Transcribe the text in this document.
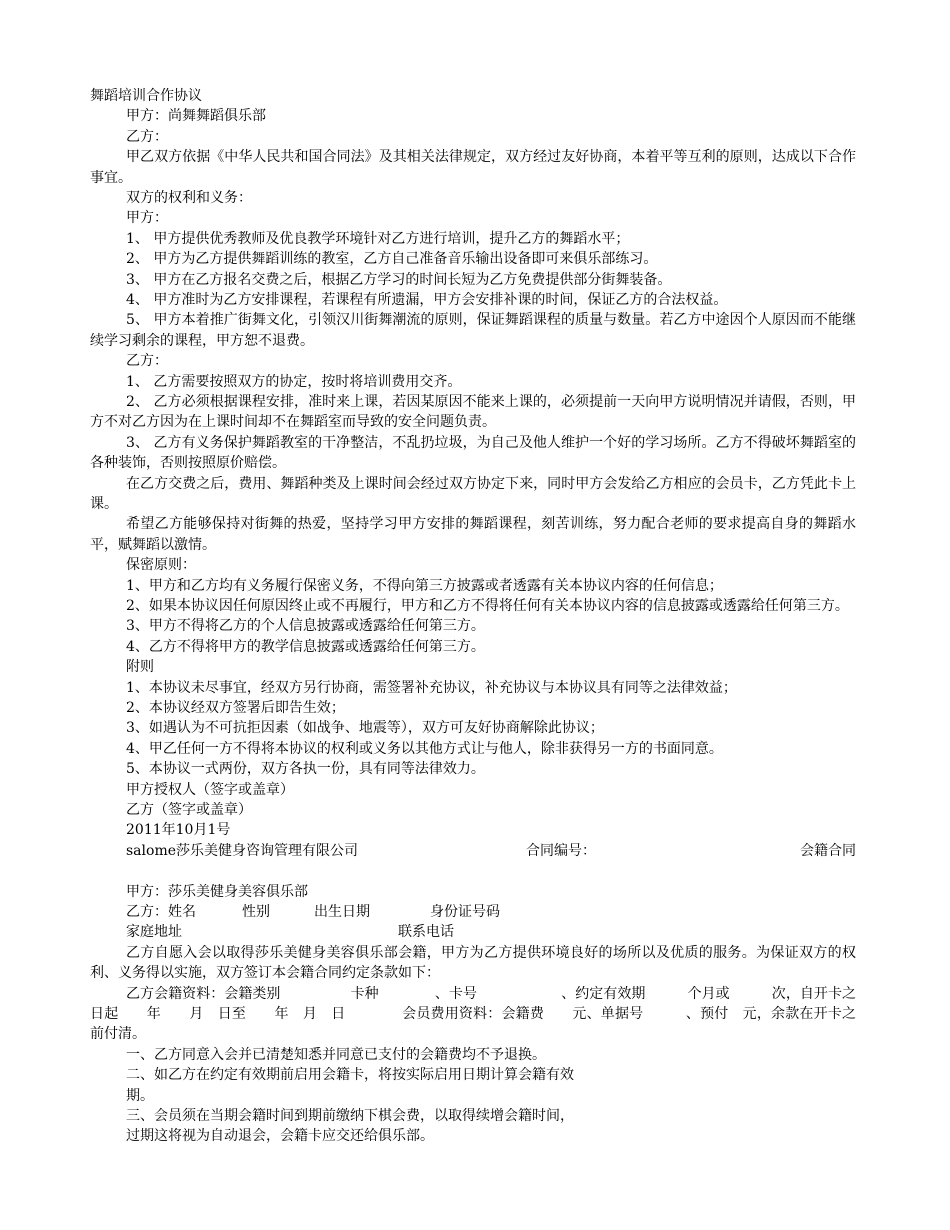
舞蹈培训合作协议
甲方：尚舞舞蹈俱乐部
乙方：
甲乙双方依据《中华人民共和国合同法》及其相关法律规定，双方经过友好协商，本着平等互利的原则，达成以下合作事宜。
双方的权利和义务：
甲方：
1、 甲方提供优秀教师及优良教学环境针对乙方进行培训，提升乙方的舞蹈水平；
2、 甲方为乙方提供舞蹈训练的教室，乙方自己准备音乐输出设备即可来俱乐部练习。
3、 甲方在乙方报名交费之后，根据乙方学习的时间长短为乙方免费提供部分街舞装备。
4、 甲方准时为乙方安排课程，若课程有所遗漏，甲方会安排补课的时间，保证乙方的合法权益。
5、 甲方本着推广街舞文化，引领汉川街舞潮流的原则，保证舞蹈课程的质量与数量。若乙方中途因个人原因而不能继续学习剩余的课程，甲方恕不退费。
乙方：
1、 乙方需要按照双方的协定，按时将培训费用交齐。
2、 乙方必须根据课程安排，准时来上课，若因某原因不能来上课的，必须提前一天向甲方说明情况并请假，否则，甲方不对乙方因为在上课时间却不在舞蹈室而导致的安全问题负责。
3、 乙方有义务保护舞蹈教室的干净整洁，不乱扔垃圾，为自己及他人维护一个好的学习场所。乙方不得破坏舞蹈室的各种装饰，否则按照原价赔偿。
在乙方交费之后，费用、舞蹈种类及上课时间会经过双方协定下来，同时甲方会发给乙方相应的会员卡，乙方凭此卡上课。
希望乙方能够保持对街舞的热爱，坚持学习甲方安排的舞蹈课程，刻苦训练，努力配合老师的要求提高自身的舞蹈水平，赋舞蹈以激情。
保密原则：
1、甲方和乙方均有义务履行保密义务，不得向第三方披露或者透露有关本协议内容的任何信息；
2、如果本协议因任何原因终止或不再履行，甲方和乙方不得将任何有关本协议内容的信息披露或透露给任何第三方。
3、甲方不得将乙方的个人信息披露或透露给任何第三方。
4、乙方不得将甲方的教学信息披露或透露给任何第三方。
附则
1、本协议未尽事宜，经双方另行协商，需签署补充协议，补充协议与本协议具有同等之法律效益；
2、本协议经双方签署后即告生效；
3、如遇认为不可抗拒因素（如战争、地震等），双方可友好协商解除此协议；
4、甲乙任何一方不得将本协议的权利或义务以其他方式让与他人，除非获得另一方的书面同意。
5、本协议一式两份，双方各执一份，具有同等法律效力。
甲方授权人（签字或盖章）
乙方（签字或盖章）
2011年10月1号
salome莎乐美健身咨询管理有限公司	合同编号：	会籍合同
甲方：莎乐美健身美容俱乐部
乙方：姓名	性别	出生日期	身份证号码
家庭地址	联系电话
乙方自愿入会以取得莎乐美健身美容俱乐部会籍，甲方为乙方提供环境良好的场所以及优质的服务。为保证双方的权利、义务得以实施，双方签订本会籍合同约定条款如下：
乙方会籍资料：会籍类别　　　　　卡种　　　　、卡号　　　　　　、约定有效期　　　个月或　　　次，自开卡之日起　　年　　月　日至　　年　月　日　　　　会员费用资料：会籍费　　元、单据号　　　、预付　元，余款在开卡之前付清。
一、乙方同意入会并已清楚知悉并同意已支付的会籍费均不予退换。
二、如乙方在约定有效期前启用会籍卡，将按实际启用日期计算会籍有效
期。
三、会员须在当期会籍时间到期前缴纳下棋会费，以取得续增会籍时间，
过期这将视为自动退会，会籍卡应交还给俱乐部。
